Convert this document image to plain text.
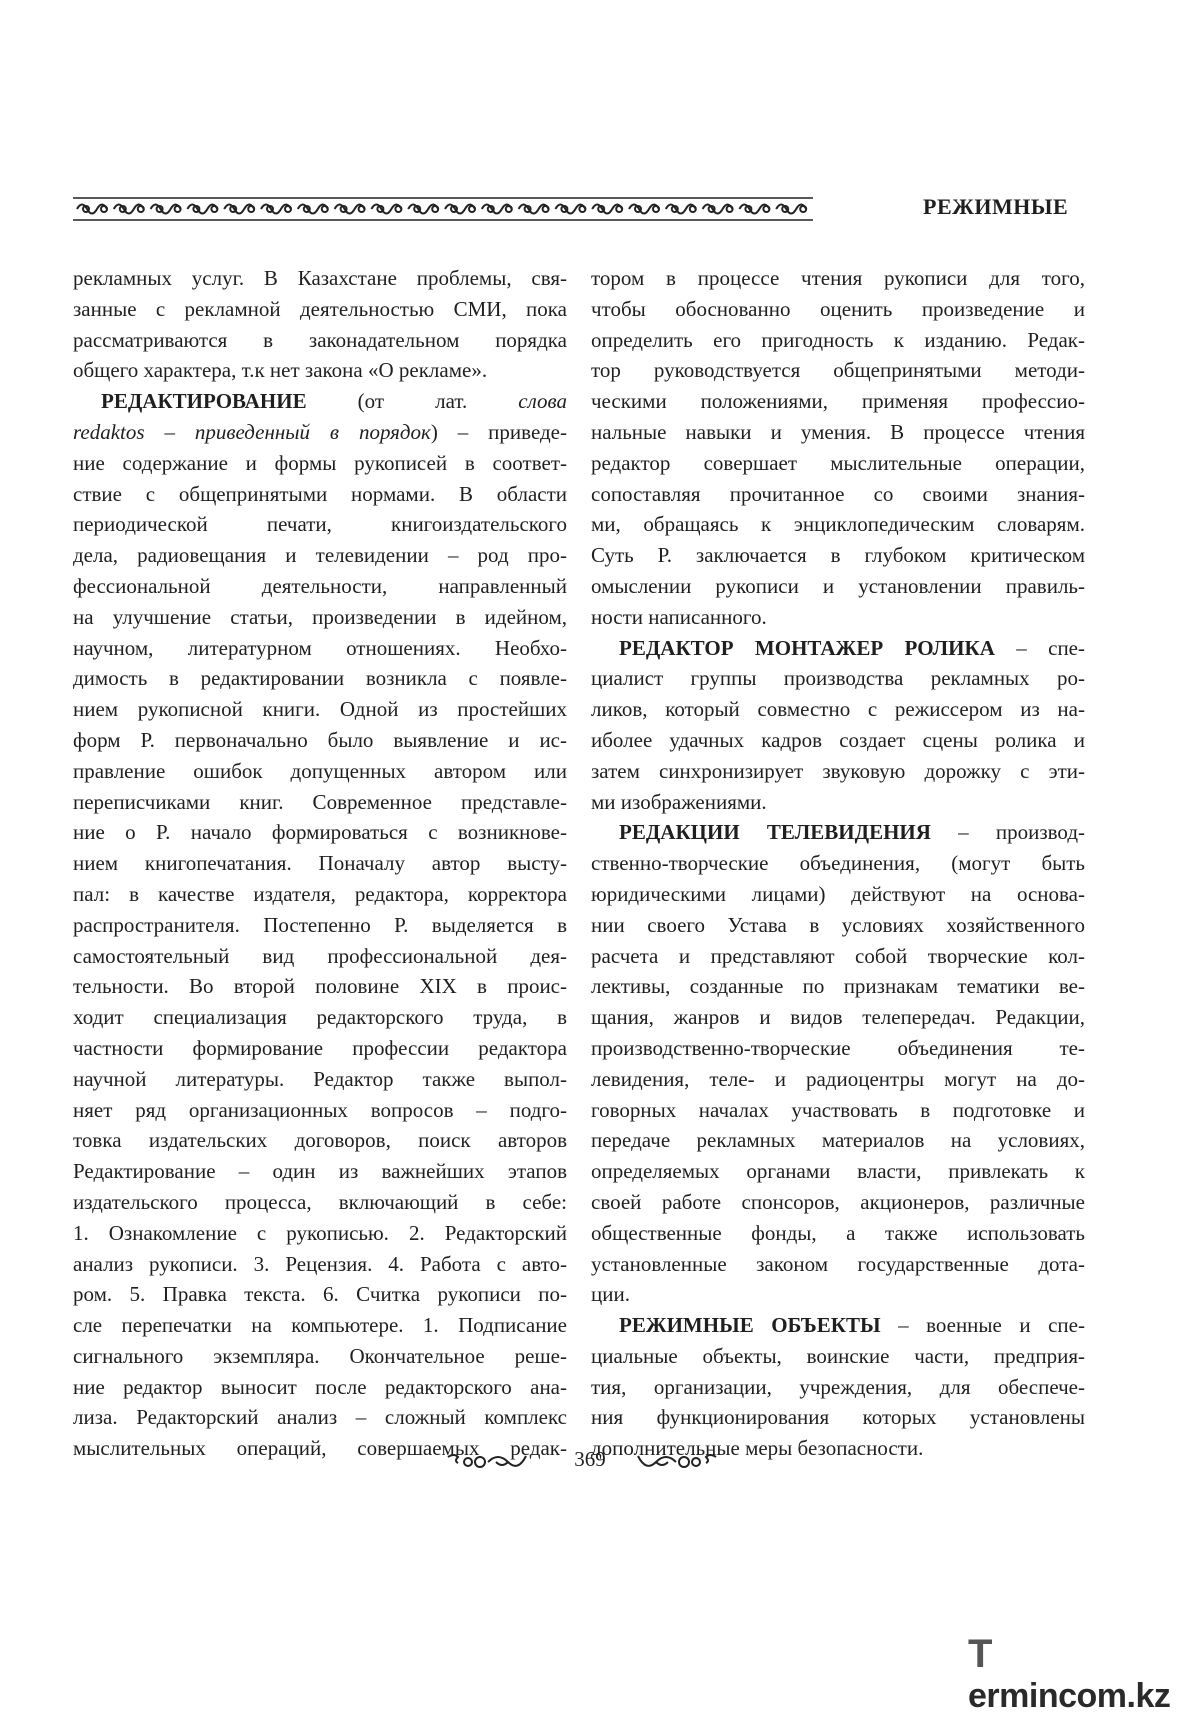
РЕЖИМНЫЕ
рекламных услуг. В Казахстане проблемы, свя-
занные с рекламной деятельностью СМИ, пока
рассматриваются в законадательном порядка
общего характера, т.к нет закона «О рекламе».
РЕДАКТИРОВАНИЕ (от лат. слова
redaktos – приведенный в порядок) – приведе-
ние содержание и формы рукописей в соответ-
ствие с общепринятыми нормами. В области
периодической печати, книгоиздательского
дела, радиовещания и телевидении – род про-
фессиональной деятельности, направленный
на улучшение статьи, произведении в идейном,
научном, литературном отношениях. Необхо-
димость в редактировании возникла с появле-
нием рукописной книги. Одной из простейших
форм Р. первоначально было выявление и ис-
правление ошибок допущенных автором или
переписчиками книг. Современное представле-
ние о Р. начало формироваться с возникнове-
нием книгопечатания. Поначалу автор высту-
пал: в качестве издателя, редактора, корректора
распространителя. Постепенно Р. выделяется в
самостоятельный вид профессиональной дея-
тельности. Во второй половине XIX в проис-
ходит специализация редакторского труда, в
частности формирование профессии редактора
научной литературы. Редактор также выпол-
няет ряд организационных вопросов – подго-
товка издательских договоров, поиск авторов
Редактирование – один из важнейших этапов
издательского процесса, включающий в себе:
1. Ознакомление с рукописью. 2. Редакторский
анализ рукописи. 3. Рецензия. 4. Работа с авто-
ром. 5. Правка текста. 6. Считка рукописи по-
сле перепечатки на компьютере. 1. Подписание
сигнального экземпляра. Окончательное реше-
ние редактор выносит после редакторского ана-
лиза. Редакторский анализ – сложный комплекс
мыслительных операций, совершаемых редак-
тором в процессе чтения рукописи для того,
чтобы обоснованно оценить произведение и
определить его пригодность к изданию. Редак-
тор руководствуется общепринятыми методи-
ческими положениями, применяя профессио-
нальные навыки и умения. В процессе чтения
редактор совершает мыслительные операции,
сопоставляя прочитанное со своими знания-
ми, обращаясь к энциклопедическим словарям.
Суть Р. заключается в глубоком критическом
омыслении рукописи и установлении правиль-
ности написанного.
РЕДАКТОР МОНТАЖЕР РОЛИКА – спе-
циалист группы производства рекламных ро-
ликов, который совместно с режиссером из на-
иболее удачных кадров создает сцены ролика и
затем синхронизирует звуковую дорожку с эти-
ми изображениями.
РЕДАКЦИИ ТЕЛЕВИДЕНИЯ – производ-
ственно-творческие объединения, (могут быть
юридическими лицами) действуют на основа-
нии своего Устава в условиях хозяйственного
расчета и представляют собой творческие кол-
лективы, созданные по признакам тематики ве-
щания, жанров и видов телепередач. Редакции,
производственно-творческие объединения те-
левидения, теле- и радиоцентры могут на до-
говорных началах участвовать в подготовке и
передаче рекламных материалов на условиях,
определяемых органами власти, привлекать к
своей работе спонсоров, акционеров, различные
общественные фонды, а также использовать
установленные законом государственные дота-
ции.
РЕЖИМНЫЕ ОБЪЕКТЫ – военные и спе-
циальные объекты, воинские части, предприя-
тия, организации, учреждения, для обеспече-
ния функционирования которых установлены
дополнительные меры безопасности.
369
Termincom.kz
